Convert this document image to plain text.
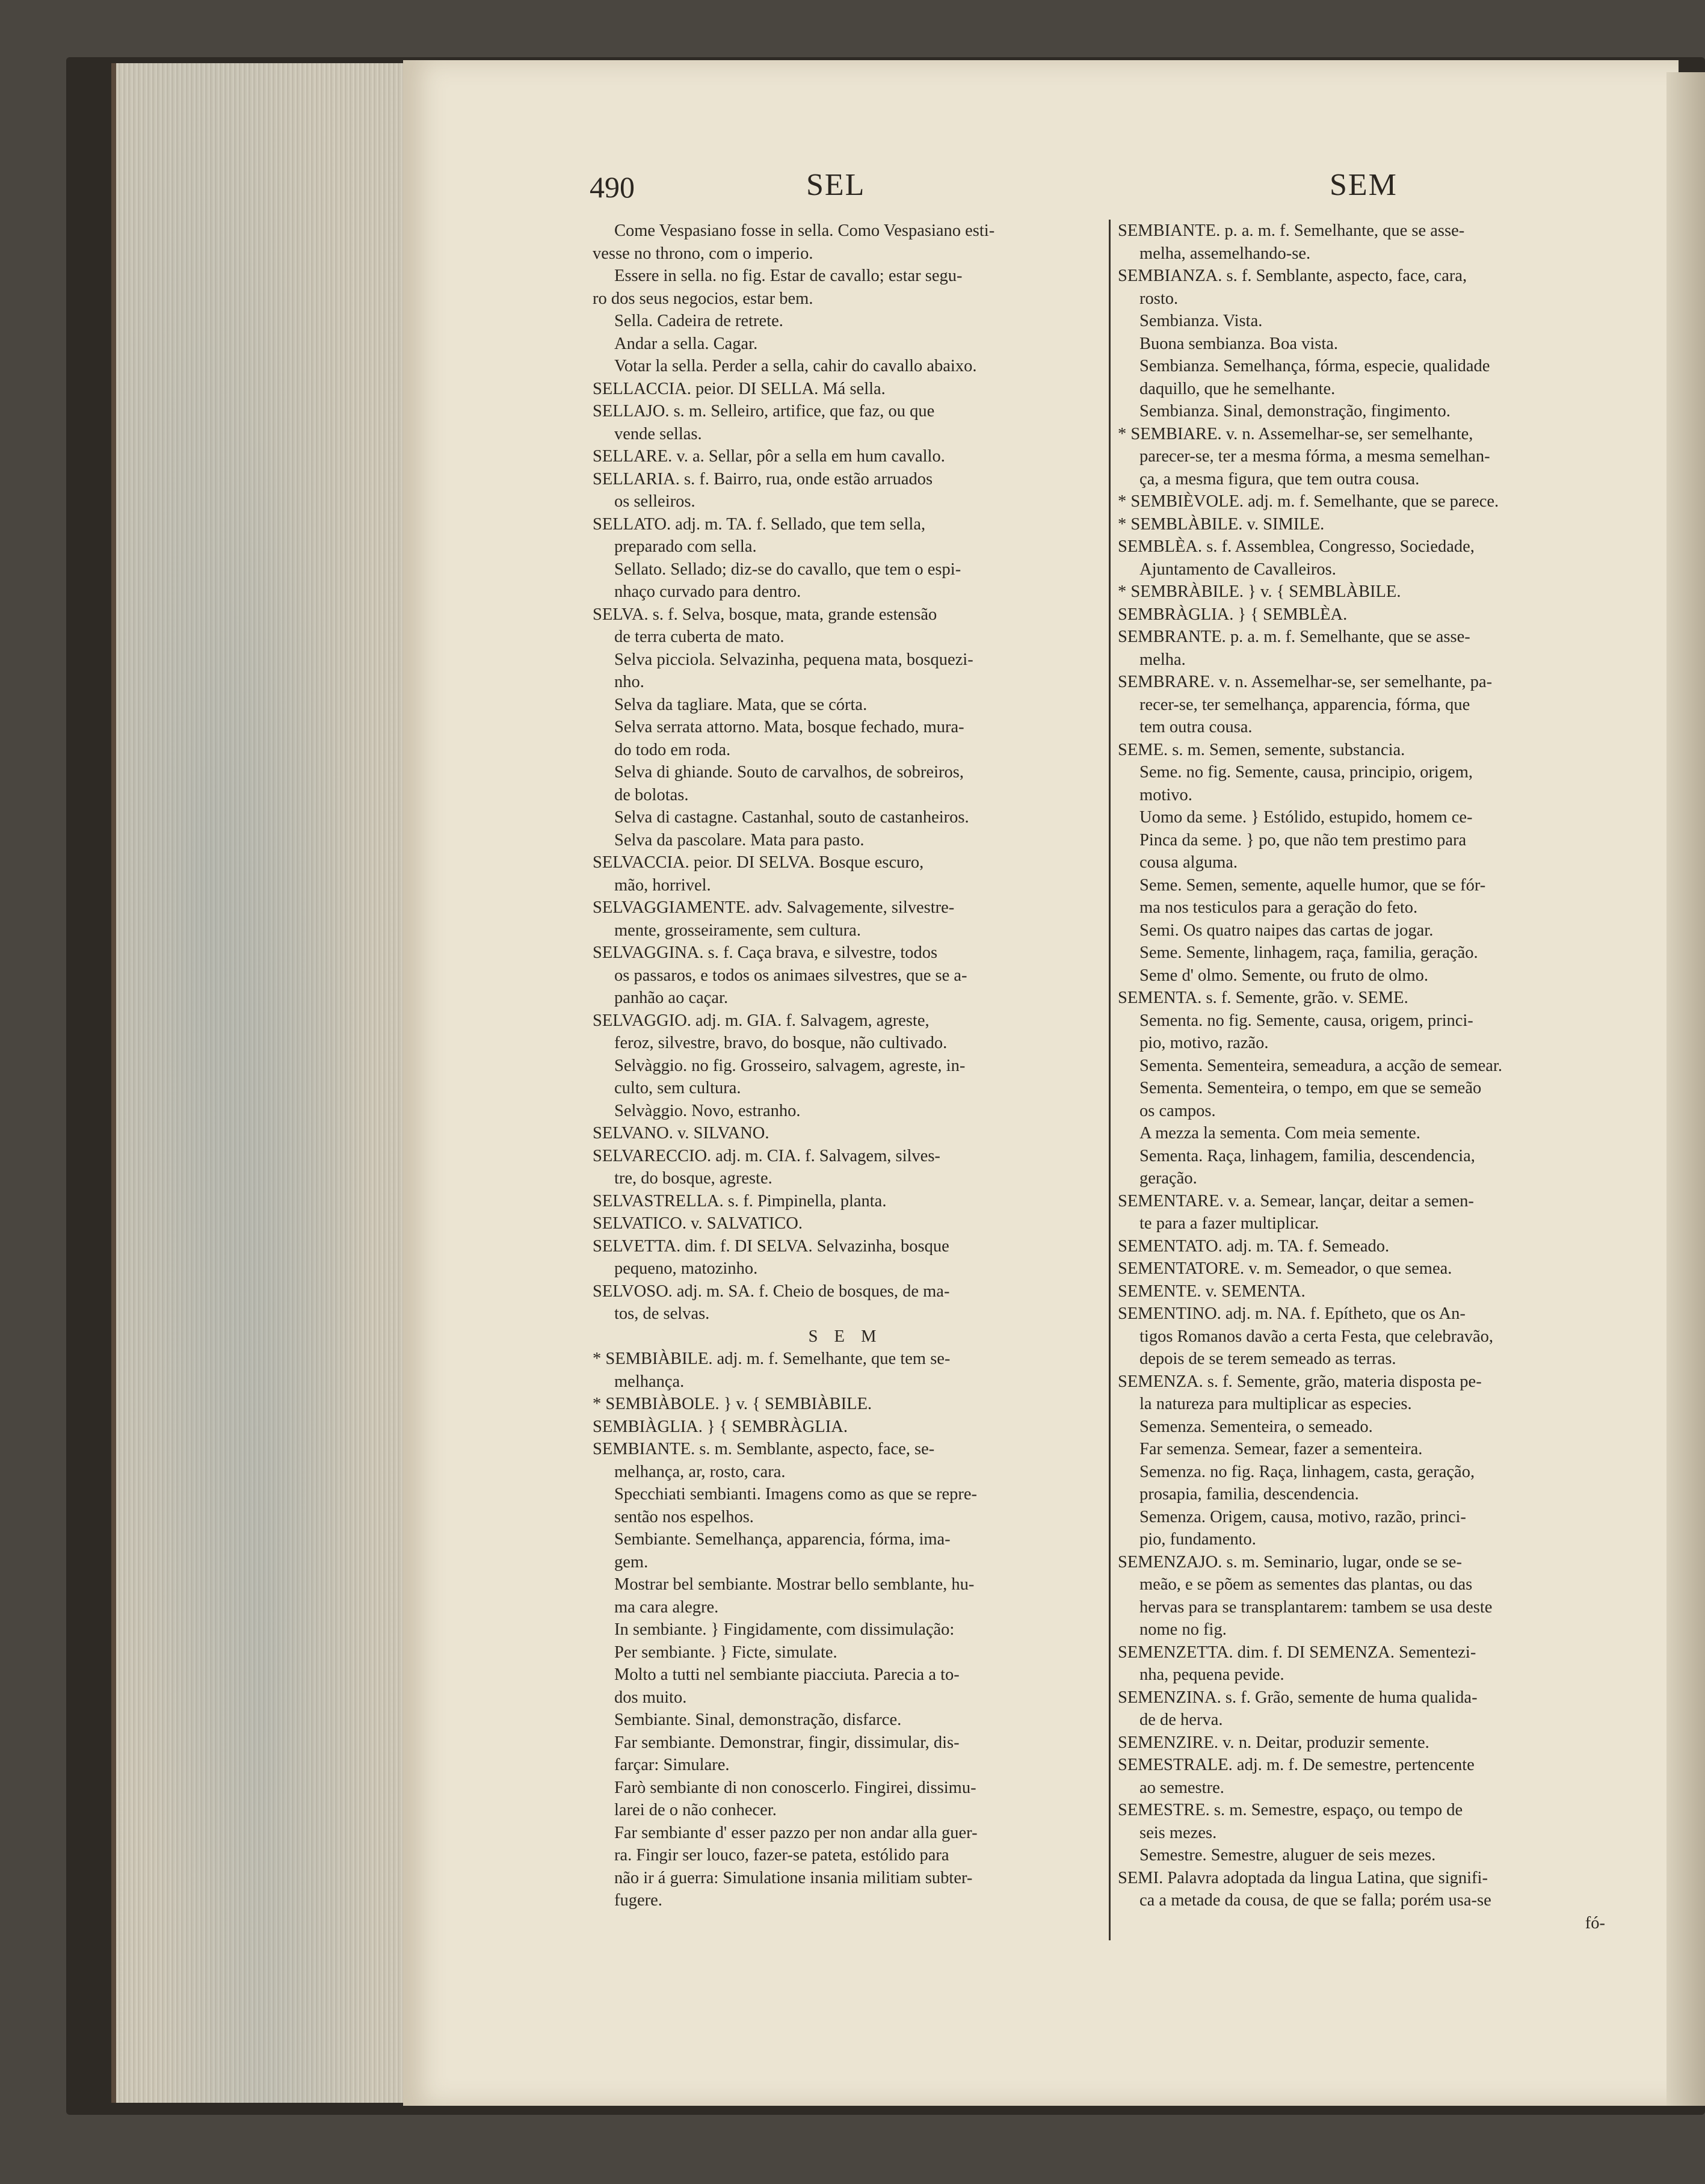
490	SEL	SEM
Come Vespasiano fosse in sella. Como Vespasiano esti-
vesse no throno, com o imperio.
Essere in sella. no fig. Estar de cavallo; estar segu-
ro dos seus negocios, estar bem.
Sella. Cadeira de retrete.
Andar a sella. Cagar.
Votar la sella. Perder a sella, cahir do cavallo abaixo.
SELLACCIA. peior. DI SELLA. Má sella.
SELLAJO. s. m. Selleiro, artifice, que faz, ou que
vende sellas.
SELLARE. v. a. Sellar, pôr a sella em hum cavallo.
SELLARIA. s. f. Bairro, rua, onde estão arruados
os selleiros.
SELLATO. adj. m. TA. f. Sellado, que tem sella,
preparado com sella.
Sellato. Sellado; diz-se do cavallo, que tem o espi-
nhaço curvado para dentro.
SELVA. s. f. Selva, bosque, mata, grande estensão
de terra cuberta de mato.
Selva picciola. Selvazinha, pequena mata, bosquezi-
nho.
Selva da tagliare. Mata, que se córta.
Selva serrata attorno. Mata, bosque fechado, mura-
do todo em roda.
Selva di ghiande. Souto de carvalhos, de sobreiros,
de bolotas.
Selva di castagne. Castanhal, souto de castanheiros.
Selva da pascolare. Mata para pasto.
SELVACCIA. peior. DI SELVA. Bosque escuro,
mão, horrivel.
SELVAGGIAMENTE. adv. Salvagemente, silvestre-
mente, grosseiramente, sem cultura.
SELVAGGINA. s. f. Caça brava, e silvestre, todos
os passaros, e todos os animaes silvestres, que se a-
panhão ao caçar.
SELVAGGIO. adj. m. GIA. f. Salvagem, agreste,
feroz, silvestre, bravo, do bosque, não cultivado.
Selvàggio. no fig. Grosseiro, salvagem, agreste, in-
culto, sem cultura.
Selvàggio. Novo, estranho.
SELVANO. v. SILVANO.
SELVARECCIO. adj. m. CIA. f. Salvagem, silves-
tre, do bosque, agreste.
SELVASTRELLA. s. f. Pimpinella, planta.
SELVATICO. v. SALVATICO.
SELVETTA. dim. f. DI SELVA. Selvazinha, bosque
pequeno, matozinho.
SELVOSO. adj. m. SA. f. Cheio de bosques, de ma-
tos, de selvas.
S E M
* SEMBIÀBILE. adj. m. f. Semelhante, que tem se-
melhança.
* SEMBIÀBOLE. } v. { SEMBIÀBILE.
SEMBIÀGLIA. } { SEMBRÀGLIA.
SEMBIANTE. s. m. Semblante, aspecto, face, se-
melhança, ar, rosto, cara.
Specchiati sembianti. Imagens como as que se repre-
sentão nos espelhos.
Sembiante. Semelhança, apparencia, fórma, ima-
gem.
Mostrar bel sembiante. Mostrar bello semblante, hu-
ma cara alegre.
In sembiante. } Fingidamente, com dissimulação:
Per sembiante. } Ficte, simulate.
Molto a tutti nel sembiante piacciuta. Parecia a to-
dos muito.
Sembiante. Sinal, demonstração, disfarce.
Far sembiante. Demonstrar, fingir, dissimular, dis-
farçar: Simulare.
Farò sembiante di non conoscerlo. Fingirei, dissimu-
larei de o não conhecer.
Far sembiante d' esser pazzo per non andar alla guer-
ra. Fingir ser louco, fazer-se pateta, estólido para
não ir á guerra: Simulatione insania militiam subter-
fugere.
SEMBIANTE. p. a. m. f. Semelhante, que se asse-
melha, assemelhando-se.
SEMBIANZA. s. f. Semblante, aspecto, face, cara,
rosto.
Sembianza. Vista.
Buona sembianza. Boa vista.
Sembianza. Semelhança, fórma, especie, qualidade
daquillo, que he semelhante.
Sembianza. Sinal, demonstração, fingimento.
* SEMBIARE. v. n. Assemelhar-se, ser semelhante,
parecer-se, ter a mesma fórma, a mesma semelhan-
ça, a mesma figura, que tem outra cousa.
* SEMBIÈVOLE. adj. m. f. Semelhante, que se parece.
* SEMBLÀBILE. v. SIMILE.
SEMBLÈA. s. f. Assemblea, Congresso, Sociedade,
Ajuntamento de Cavalleiros.
* SEMBRÀBILE. } v. { SEMBLÀBILE.
SEMBRÀGLIA. } { SEMBLÈA.
SEMBRANTE. p. a. m. f. Semelhante, que se asse-
melha.
SEMBRARE. v. n. Assemelhar-se, ser semelhante, pa-
recer-se, ter semelhança, apparencia, fórma, que
tem outra cousa.
SEME. s. m. Semen, semente, substancia.
Seme. no fig. Semente, causa, principio, origem,
motivo.
Uomo da seme. } Estólido, estupido, homem ce-
Pinca da seme. } po, que não tem prestimo para
cousa alguma.
Seme. Semen, semente, aquelle humor, que se fór-
ma nos testiculos para a geração do feto.
Semi. Os quatro naipes das cartas de jogar.
Seme. Semente, linhagem, raça, familia, geração.
Seme d' olmo. Semente, ou fruto de olmo.
SEMENTA. s. f. Semente, grão. v. SEME.
Sementa. no fig. Semente, causa, origem, princi-
pio, motivo, razão.
Sementa. Sementeira, semeadura, a acção de semear.
Sementa. Sementeira, o tempo, em que se semeão
os campos.
A mezza la sementa. Com meia semente.
Sementa. Raça, linhagem, familia, descendencia,
geração.
SEMENTARE. v. a. Semear, lançar, deitar a semen-
te para a fazer multiplicar.
SEMENTATO. adj. m. TA. f. Semeado.
SEMENTATORE. v. m. Semeador, o que semea.
SEMENTE. v. SEMENTA.
SEMENTINO. adj. m. NA. f. Epítheto, que os An-
tigos Romanos davão a certa Festa, que celebravão,
depois de se terem semeado as terras.
SEMENZA. s. f. Semente, grão, materia disposta pe-
la natureza para multiplicar as especies.
Semenza. Sementeira, o semeado.
Far semenza. Semear, fazer a sementeira.
Semenza. no fig. Raça, linhagem, casta, geração,
prosapia, familia, descendencia.
Semenza. Origem, causa, motivo, razão, princi-
pio, fundamento.
SEMENZAJO. s. m. Seminario, lugar, onde se se-
meão, e se põem as sementes das plantas, ou das
hervas para se transplantarem: tambem se usa deste
nome no fig.
SEMENZETTA. dim. f. DI SEMENZA. Sementezi-
nha, pequena pevide.
SEMENZINA. s. f. Grão, semente de huma qualida-
de de herva.
SEMENZIRE. v. n. Deitar, produzir semente.
SEMESTRALE. adj. m. f. De semestre, pertencente
ao semestre.
SEMESTRE. s. m. Semestre, espaço, ou tempo de
seis mezes.
Semestre. Semestre, aluguer de seis mezes.
SEMI. Palavra adoptada da lingua Latina, que signifi-
ca a metade da cousa, de que se falla; porém usa-se
fó-
